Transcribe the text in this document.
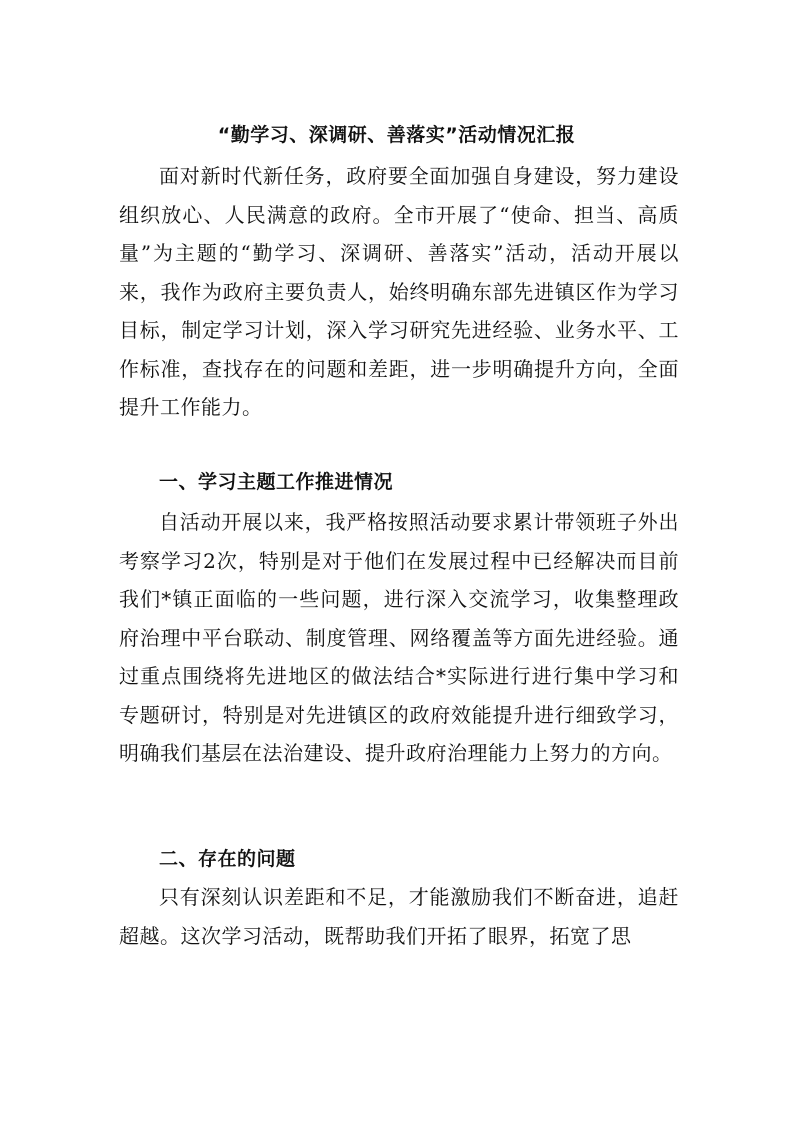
“勤学习、深调研、善落实”活动情况汇报

面对新时代新任务，政府要全面加强自身建设，努力建设组织放心、人民满意的政府。全市开展了“使命、担当、高质量”为主题的“勤学习、深调研、善落实”活动，活动开展以来，我作为政府主要负责人，始终明确东部先进镇区作为学习目标，制定学习计划，深入学习研究先进经验、业务水平、工作标准，查找存在的问题和差距，进一步明确提升方向，全面提升工作能力。

一、学习主题工作推进情况

自活动开展以来，我严格按照活动要求累计带领班子外出考察学习2次，特别是对于他们在发展过程中已经解决而目前我们*镇正面临的一些问题，进行深入交流学习，收集整理政府治理中平台联动、制度管理、网络覆盖等方面先进经验。通过重点围绕将先进地区的做法结合*实际进行进行集中学习和专题研讨，特别是对先进镇区的政府效能提升进行细致学习，明确我们基层在法治建设、提升政府治理能力上努力的方向。

二、存在的问题

只有深刻认识差距和不足，才能激励我们不断奋进，追赶超越。这次学习活动，既帮助我们开拓了眼界，拓宽了思
